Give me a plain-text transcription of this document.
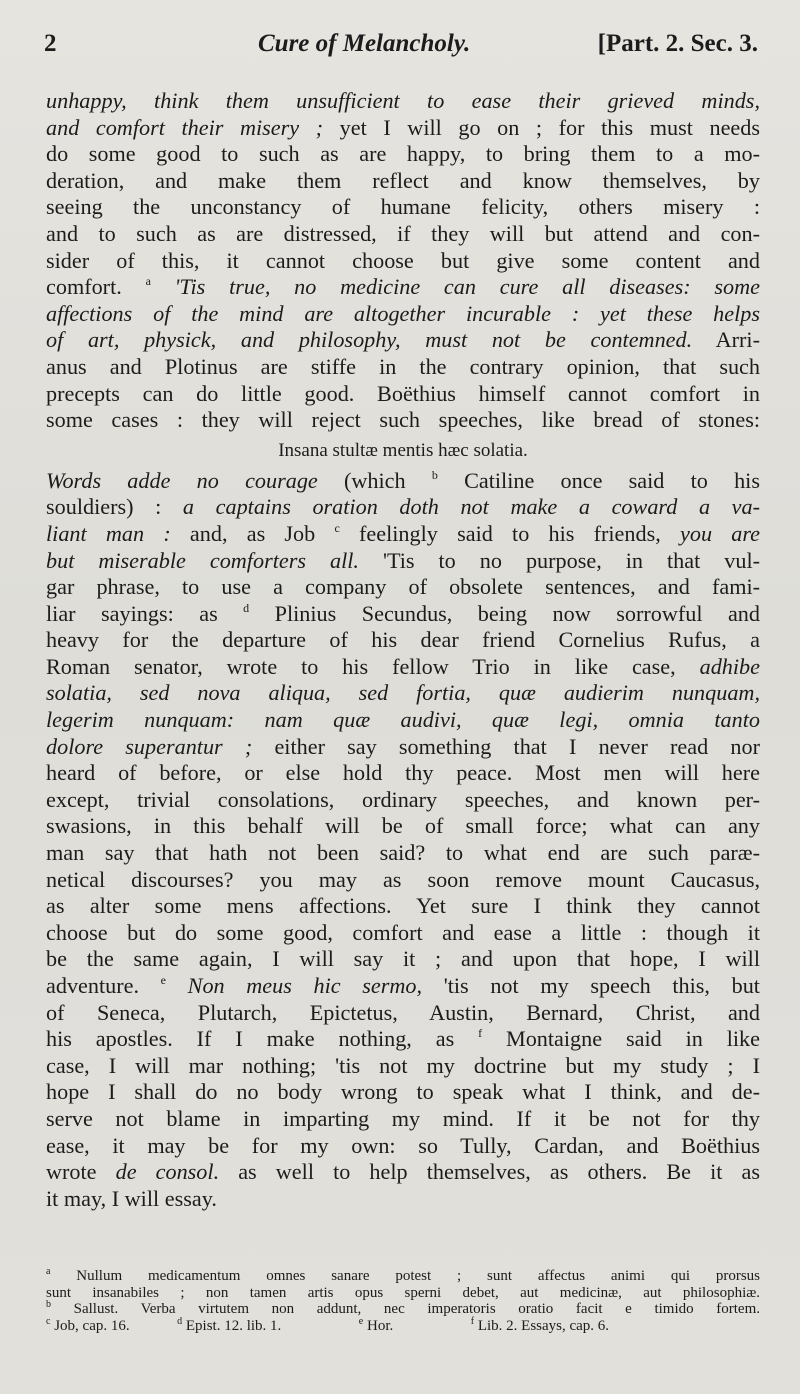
2	Cure of Melancholy.	[Part. 2. Sec. 3.
unhappy, think them unsufficient to ease their grieved minds,
and comfort their misery ; yet I will go on ; for this must needs
do some good to such as are happy, to bring them to a mo-
deration, and make them reflect and know themselves, by
seeing the unconstancy of humane felicity, others misery :
and to such as are distressed, if they will but attend and con-
sider of this, it cannot choose but give some content and
comfort. $^a$ 'Tis true, no medicine can cure all diseases: some
affections of the mind are altogether incurable : yet these helps
of art, physick, and philosophy, must not be contemned. Arri-
anus and Plotinus are stiffe in the contrary opinion, that such
precepts can do little good. Boëthius himself cannot comfort in
some cases : they will reject such speeches, like bread of stones:
Insana stultæ mentis hæc solatia.
Words adde no courage (which $^b$ Catiline once said to his
souldiers) : a captains oration doth not make a coward a va-
liant man : and, as Job $^c$ feelingly said to his friends, you are
but miserable comforters all. 'Tis to no purpose, in that vul-
gar phrase, to use a company of obsolete sentences, and fami-
liar sayings: as $^d$ Plinius Secundus, being now sorrowful and
heavy for the departure of his dear friend Cornelius Rufus, a
Roman senator, wrote to his fellow Trio in like case, adhibe
solatia, sed nova aliqua, sed fortia, quæ audierim nunquam,
legerim nunquam: nam quæ audivi, quæ legi, omnia tanto
dolore superantur ; either say something that I never read nor
heard of before, or else hold thy peace. Most men will here
except, trivial consolations, ordinary speeches, and known per-
swasions, in this behalf will be of small force; what can any
man say that hath not been said? to what end are such paræ-
netical discourses? you may as soon remove mount Caucasus,
as alter some mens affections. Yet sure I think they cannot
choose but do some good, comfort and ease a little : though it
be the same again, I will say it ; and upon that hope, I will
adventure. $^e$ Non meus hic sermo, 'tis not my speech this, but
of Seneca, Plutarch, Epictetus, Austin, Bernard, Christ, and
his apostles. If I make nothing, as $^f$ Montaigne said in like
case, I will mar nothing; 'tis not my doctrine but my study ; I
hope I shall do no body wrong to speak what I think, and de-
serve not blame in imparting my mind. If it be not for thy
ease, it may be for my own: so Tully, Cardan, and Boëthius
wrote de consol. as well to help themselves, as others. Be it as
it may, I will essay.
$^a$ Nullum medicamentum omnes sanare potest ; sunt affectus animi qui prorsus
sunt insanabiles ; non tamen artis opus sperni debet, aut medicinæ, aut philosophiæ.
$^b$ Sallust. Verba virtutem non addunt, nec imperatoris oratio facit e timido fortem.
$^c$ Job, cap. 16.	$^d$ Epist. 12. lib. 1.	$^e$ Hor.	$^f$ Lib. 2. Essays, cap. 6.
